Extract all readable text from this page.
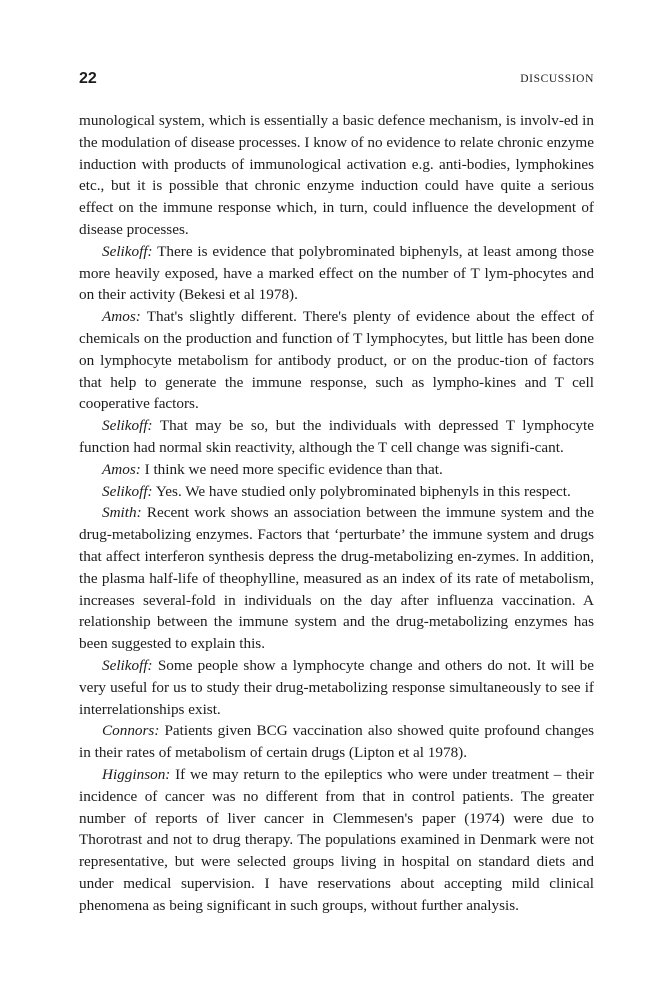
22	DISCUSSION

munological system, which is essentially a basic defence mechanism, is involv-ed in the modulation of disease processes. I know of no evidence to relate chronic enzyme induction with products of immunological activation e.g. anti-bodies, lymphokines etc., but it is possible that chronic enzyme induction could have quite a serious effect on the immune response which, in turn, could influence the development of disease processes.

Selikoff: There is evidence that polybrominated biphenyls, at least among those more heavily exposed, have a marked effect on the number of T lym-phocytes and on their activity (Bekesi et al 1978).

Amos: That's slightly different. There's plenty of evidence about the effect of chemicals on the production and function of T lymphocytes, but little has been done on lymphocyte metabolism for antibody product, or on the produc-tion of factors that help to generate the immune response, such as lympho-kines and T cell cooperative factors.

Selikoff: That may be so, but the individuals with depressed T lymphocyte function had normal skin reactivity, although the T cell change was signifi-cant.

Amos: I think we need more specific evidence than that.

Selikoff: Yes. We have studied only polybrominated biphenyls in this respect.

Smith: Recent work shows an association between the immune system and the drug-metabolizing enzymes. Factors that ‘perturbate’ the immune system and drugs that affect interferon synthesis depress the drug-metabolizing en-zymes. In addition, the plasma half-life of theophylline, measured as an index of its rate of metabolism, increases several-fold in individuals on the day after influenza vaccination. A relationship between the immune system and the drug-metabolizing enzymes has been suggested to explain this.

Selikoff: Some people show a lymphocyte change and others do not. It will be very useful for us to study their drug-metabolizing response simultaneously to see if interrelationships exist.

Connors: Patients given BCG vaccination also showed quite profound changes in their rates of metabolism of certain drugs (Lipton et al 1978).

Higginson: If we may return to the epileptics who were under treatment – their incidence of cancer was no different from that in control patients. The greater number of reports of liver cancer in Clemmesen's paper (1974) were due to Thorotrast and not to drug therapy. The populations examined in Denmark were not representative, but were selected groups living in hospital on standard diets and under medical supervision. I have reservations about accepting mild clinical phenomena as being significant in such groups, without further analysis.
